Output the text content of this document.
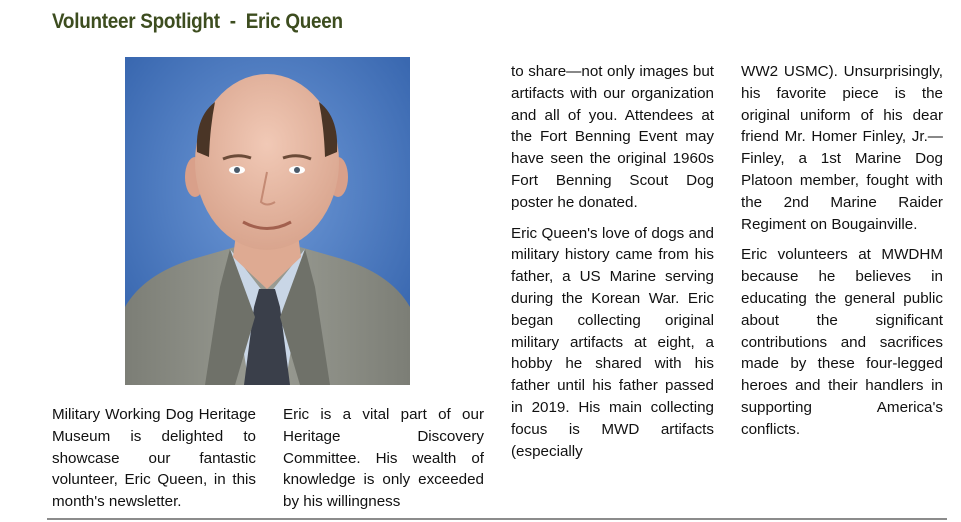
Volunteer Spotlight  -  Eric Queen

Military Working Dog Heritage Museum is delighted to showcase our fantastic volunteer, Eric Queen, in this month's newsletter.

Eric is a vital part of our Heritage Discovery Committee. His wealth of knowledge is only exceeded by his willingness

to share—not only images but artifacts with our organization and all of you. Attendees at the Fort Benning Event may have seen the original 1960s Fort Benning Scout Dog poster he donated.

Eric Queen's love of dogs and military history came from his father, a US Marine serving during the Korean War. Eric began collecting original military artifacts at eight, a hobby he shared with his father until his father passed in 2019. His main collecting focus is MWD artifacts (especially

WW2 USMC). Unsurprisingly, his favorite piece is the original uniform of his dear friend Mr. Homer Finley, Jr.—Finley, a 1st Marine Dog Platoon member, fought with the 2nd Marine Raider Regiment on Bougainville.

Eric volunteers at MWDHM because he believes in educating the general public about the significant contributions and sacrifices made by these four-legged heroes and their handlers in supporting America's conflicts.
